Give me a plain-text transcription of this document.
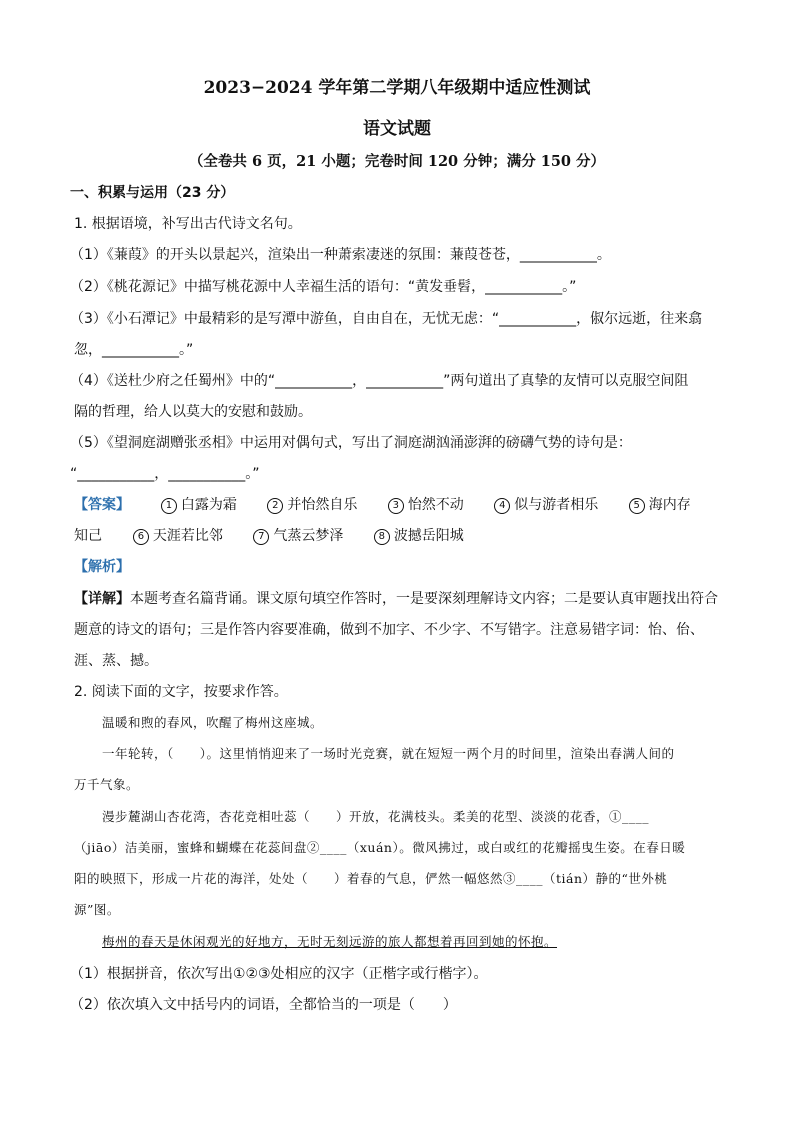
2023−2024 学年第二学期八年级期中适应性测试
语文试题
（全卷共 6 页，21 小题；完卷时间 120 分钟；满分 150 分）
一、积累与运用（23 分）
1. 根据语境，补写出古代诗文名句。
（1）《蒹葭》的开头以景起兴，渲染出一种萧索凄迷的氛围：蒹葭苍苍，___________。
（2）《桃花源记》中描写桃花源中人幸福生活的语句：“黄发垂髫，___________。”
（3）《小石潭记》中最精彩的是写潭中游鱼，自由自在，无忧无虑：“___________，俶尔远逝，往来翕
忽，___________。”
（4）《送杜少府之任蜀州》中的“___________，___________”两句道出了真挚的友情可以克服空间阻
隔的哲理，给人以莫大的安慰和鼓励。
（5）《望洞庭湖赠张丞相》中运用对偶句式，写出了洞庭湖汹涌澎湃的磅礴气势的诗句是：
“___________，___________。”
【答案】	1 白露为霜	2 并怡然自乐	3 怡然不动	4 似与游者相乐	5 海内存
知己	6 天涯若比邻	7 气蒸云梦泽	8 波撼岳阳城
【解析】
【详解】本题考查名篇背诵。课文原句填空作答时，一是要深刻理解诗文内容；二是要认真审题找出符合
题意的诗文的语句；三是作答内容要准确，做到不加字、不少字、不写错字。注意易错字词：怡、佁、
涯、蒸、撼。
2. 阅读下面的文字，按要求作答。
温暖和煦的春风，吹醒了梅州这座城。
一年轮转，（　　）。这里悄悄迎来了一场时光竞赛，就在短短一两个月的时间里，渲染出春满人间的
万千气象。
漫步麓湖山杏花湾，杏花竞相吐蕊（　　）开放，花满枝头。柔美的花型、淡淡的花香，①____
（jiāo）洁美丽，蜜蜂和蝴蝶在花蕊间盘②____（xuán）。微风拂过，或白或红的花瓣摇曳生姿。在春日暖
阳的映照下，形成一片花的海洋，处处（　　）着春的气息，俨然一幅悠然③____（tián）静的“世外桃
源”图。
梅州的春天是休闲观光的好地方，无时无刻远游的旅人都想着再回到她的怀抱。
（1）根据拼音，依次写出①②③处相应的汉字（正楷字或行楷字）。
（2）依次填入文中括号内的词语，全都恰当的一项是（　　）
